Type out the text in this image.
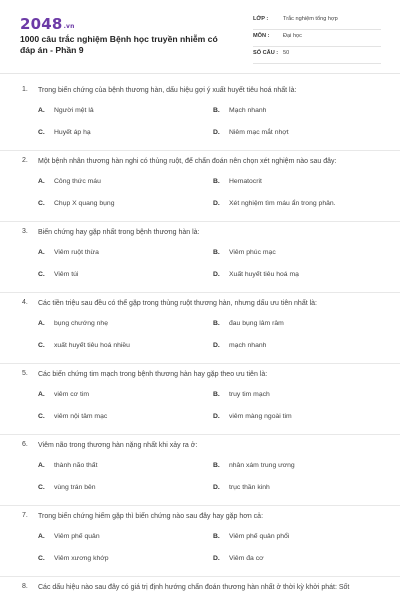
2048.vn
1000 câu trắc nghiệm Bệnh học truyền nhiễm có đáp án - Phần 9
LỚP :	Trắc nghiệm tổng hợp
MÔN : Đại học
SỐ CÂU : 50
1. Trong biến chứng của bệnh thương hàn, dấu hiệu gợi ý xuất huyết tiêu hoá nhất là:
A. Người mệt lả	B. Mạch nhanh
C. Huyết áp hạ	D. Niêm mạc mắt nhợt
2. Một bệnh nhân thương hàn nghi có thủng ruột, để chẩn đoán nên chọn xét nghiệm nào sau đây:
A. Công thức máu	B. Hematocrit
C. Chụp X quang bụng	D. Xét nghiệm tìm máu ẩn trong phân.
3. Biến chứng hay gặp nhất trong bệnh thương hàn là:
A. Viêm ruột thừa	B. Viêm phúc mạc
C. Viêm túi	D. Xuất huyết tiêu hoá mạ
4. Các tiền triệu sau đều có thể gặp trong thủng ruột thương hàn, nhưng dấu ưu tiên nhất là:
A. bụng chướng nhẹ	B. đau bụng lâm râm
C. xuất huyết tiêu hoá nhiều	D. mạch nhanh
5. Các biến chứng tim mạch trong bệnh thương hàn hay gặp theo ưu tiên là:
A. viêm cơ tim	B. truy tim mạch
C. viêm nội tâm mạc	D. viêm màng ngoài tim
6. Viêm não trong thương hàn nặng nhất khi xảy ra ở:
A. thành não thất	B. nhân xám trung ương
C. vùng trán bên	D. trục thần kinh
7. Trong biến chứng hiếm gặp thì biến chứng nào sau đây hay gặp hơn cả:
A. Viêm phế quản	B. Viêm phế quản phổi
C. Viêm xương khớp	D. Viêm đa cơ
8. Các dấu hiệu nào sau đây có giá trị định hướng chẩn đoán thương hàn nhất ở thời kỳ khởi phát: Sốt
